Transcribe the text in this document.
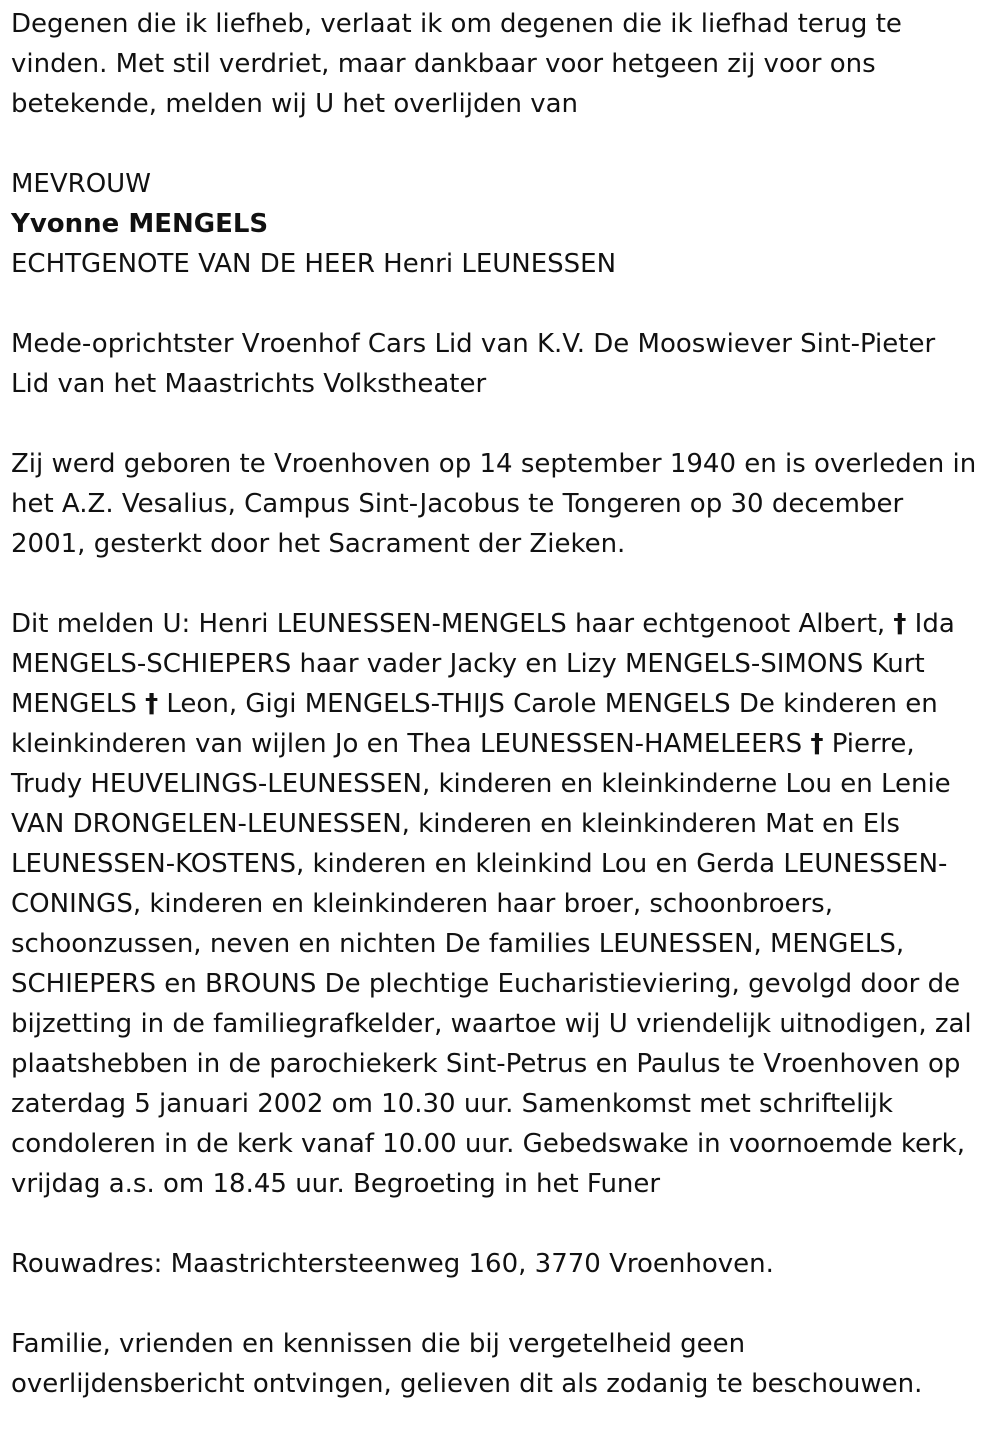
Degenen die ik liefheb, verlaat ik om degenen die ik liefhad terug te
vinden. Met stil verdriet, maar dankbaar voor hetgeen zij voor ons
betekende, melden wij U het overlijden van

MEVROUW
Yvonne MENGELS
ECHTGENOTE VAN DE HEER Henri LEUNESSEN

Mede-oprichtster Vroenhof Cars Lid van K.V. De Mooswiever Sint-Pieter
Lid van het Maastrichts Volkstheater

Zij werd geboren te Vroenhoven op 14 september 1940 en is overleden in
het A.Z. Vesalius, Campus Sint-Jacobus te Tongeren op 30 december
2001, gesterkt door het Sacrament der Zieken.

Dit melden U: Henri LEUNESSEN-MENGELS haar echtgenoot Albert, † Ida
MENGELS-SCHIEPERS haar vader Jacky en Lizy MENGELS-SIMONS Kurt
MENGELS † Leon, Gigi MENGELS-THIJS Carole MENGELS De kinderen en
kleinkinderen van wijlen Jo en Thea LEUNESSEN-HAMELEERS † Pierre,
Trudy HEUVELINGS-LEUNESSEN, kinderen en kleinkinderne Lou en Lenie
VAN DRONGELEN-LEUNESSEN, kinderen en kleinkinderen Mat en Els
LEUNESSEN-KOSTENS, kinderen en kleinkind Lou en Gerda LEUNESSEN-
CONINGS, kinderen en kleinkinderen haar broer, schoonbroers,
schoonzussen, neven en nichten De families LEUNESSEN, MENGELS,
SCHIEPERS en BROUNS De plechtige Eucharistieviering, gevolgd door de
bijzetting in de familiegrafkelder, waartoe wij U vriendelijk uitnodigen, zal
plaatshebben in de parochiekerk Sint-Petrus en Paulus te Vroenhoven op
zaterdag 5 januari 2002 om 10.30 uur. Samenkomst met schriftelijk
condoleren in de kerk vanaf 10.00 uur. Gebedswake in voornoemde kerk,
vrijdag a.s. om 18.45 uur. Begroeting in het Funer

Rouwadres: Maastrichtersteenweg 160, 3770 Vroenhoven.

Familie, vrienden en kennissen die bij vergetelheid geen
overlijdensbericht ontvingen, gelieven dit als zodanig te beschouwen.
